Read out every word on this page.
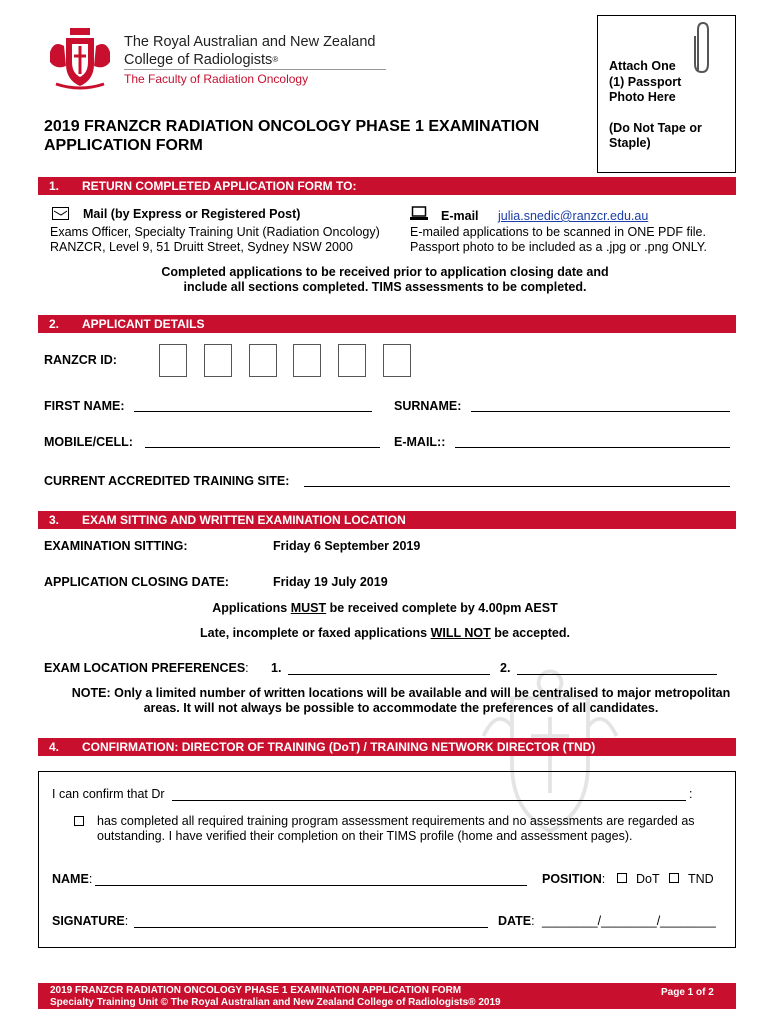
The Royal Australian and New Zealand
College of Radiologists®
The Faculty of Radiation Oncology
Attach One
(1) Passport
Photo Here
(Do Not Tape or
Staple)
2019 FRANZCR RADIATION ONCOLOGY PHASE 1 EXAMINATION
APPLICATION FORM
1. RETURN COMPLETED APPLICATION FORM TO:
Mail (by Express or Registered Post)
Exams Officer, Specialty Training Unit (Radiation Oncology)
RANZCR, Level 9, 51 Druitt Street, Sydney NSW 2000
E-mail julia.snedic@ranzcr.edu.au
E-mailed applications to be scanned in ONE PDF file.
Passport photo to be included as a .jpg or .png ONLY.
Completed applications to be received prior to application closing date and
include all sections completed. TIMS assessments to be completed.
2. APPLICANT DETAILS
RANZCR ID:
FIRST NAME:	SURNAME:
MOBILE/CELL:	E-MAIL::
CURRENT ACCREDITED TRAINING SITE:
3. EXAM SITTING AND WRITTEN EXAMINATION LOCATION
EXAMINATION SITTING:	Friday 6 September 2019
APPLICATION CLOSING DATE:	Friday 19 July 2019
Applications MUST be received complete by 4.00pm AEST
Late, incomplete or faxed applications WILL NOT be accepted.
EXAM LOCATION PREFERENCES: 1.	2.
NOTE: Only a limited number of written locations will be available and will be centralised to major metropolitan
areas. It will not always be possible to accommodate the preferences of all candidates.
4. CONFIRMATION: DIRECTOR OF TRAINING (DoT) / TRAINING NETWORK DIRECTOR (TND)
I can confirm that Dr	:
has completed all required training program assessment requirements and no assessments are regarded as
outstanding. I have verified their completion on their TIMS profile (home and assessment pages).
NAME:	POSITION: DoT TND
SIGNATURE:	DATE: ________/________/________
2019 FRANZCR RADIATION ONCOLOGY PHASE 1 EXAMINATION APPLICATION FORM
Specialty Training Unit © The Royal Australian and New Zealand College of Radiologists® 2019
Page 1 of 2
